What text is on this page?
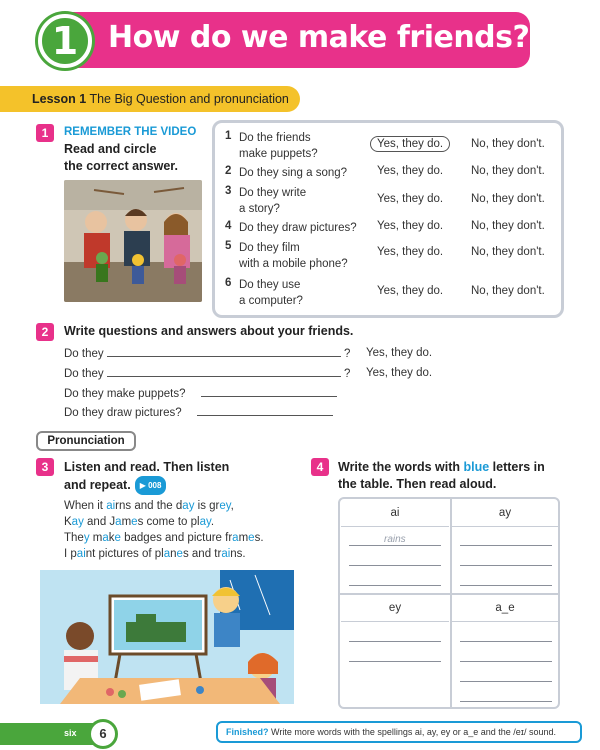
1 How do we make friends?
Lesson 1 The Big Question and pronunciation
1	REMEMBER THE VIDEO
Read and circle
the correct answer.
1 Do the friends
make puppets?
Yes, they do.	No, they don't.
2 Do they sing a song?	Yes, they do. No, they don't.
3 Do they write
a story?
Yes, they do. No, they don't.
4 Do they draw pictures?	Yes, they do. No, they don't.
5 Do they film
with a mobile phone?
Yes, they do. No, they don't.
6 Do they use
a computer?
Yes, they do. No, they don't.
2	Write questions and answers about your friends.
Do they	? Yes, they do.
Do they	? Yes, they do.
Do they make puppets?
Do they draw pictures?
Pronunciation
3	Listen and read. Then listen
and repeat. ▶ 008
When it airns and the day is grey,
Kay and James come to play.
They make badges and picture frames.
I paint pictures of planes and trains.
4	Write the words with blue letters in
the table. Then read aloud.
ai	ay
rains
ey	a_e
six	6	Finished? Write more words with the spellings ai, ay, ey or a_e and the /eɪ/ sound.
